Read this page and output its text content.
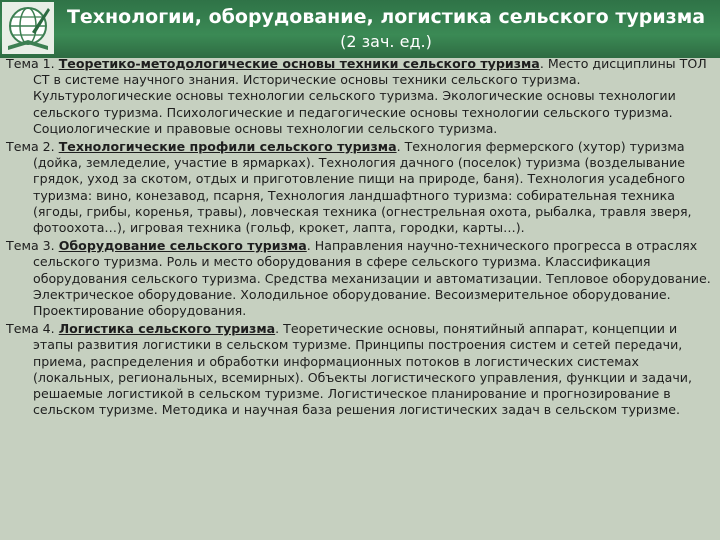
Технологии, оборудование, логистика сельского туризма
(2 зач. ед.)

Тема 1. Теоретико-методологические основы техники сельского туризма. Место дисциплины ТОЛ СТ в системе научного знания. Исторические основы техники сельского туризма. Культурологические основы технологии сельского туризма. Экологические основы технологии сельского туризма. Психологические и педагогические основы технологии сельского туризма. Социологические и правовые основы технологии сельского туризма.

Тема 2. Технологические профили сельского туризма. Технология фермерского (хутор) туризма (дойка, земледелие, участие в ярмарках). Технология дачного (поселок) туризма (возделывание грядок, уход за скотом, отдых и приготовление пищи на природе, баня). Технология усадебного туризма: вино, конезавод, псарня, Технология ландшафтного туризма: собирательная техника (ягоды, грибы, коренья, травы), ловческая техника (огнестрельная охота, рыбалка, травля зверя, фотоохота…), игровая техника (гольф, крокет, лапта, городки, карты…).

Тема 3. Оборудование сельского туризма. Направления научно-технического прогресса в отраслях сельского туризма. Роль и место оборудования в сфере сельского туризма. Классификация оборудования сельского туризма. Средства механизации и автоматизации. Тепловое оборудование. Электрическое оборудование. Холодильное оборудование. Весоизмерительное оборудование. Проектирование оборудования.

Тема 4. Логистика сельского туризма. Теоретические основы, понятийный аппарат, концепции и этапы развития логистики в сельском туризме. Принципы построения систем и сетей передачи, приема, распределения и обработки информационных потоков в логистических системах (локальных, региональных, всемирных). Объекты логистического управления, функции и задачи, решаемые логистикой в сельском туризме. Логистическое планирование и прогнозирование в сельском туризме. Методика и научная база решения логистических задач в сельском туризме.
